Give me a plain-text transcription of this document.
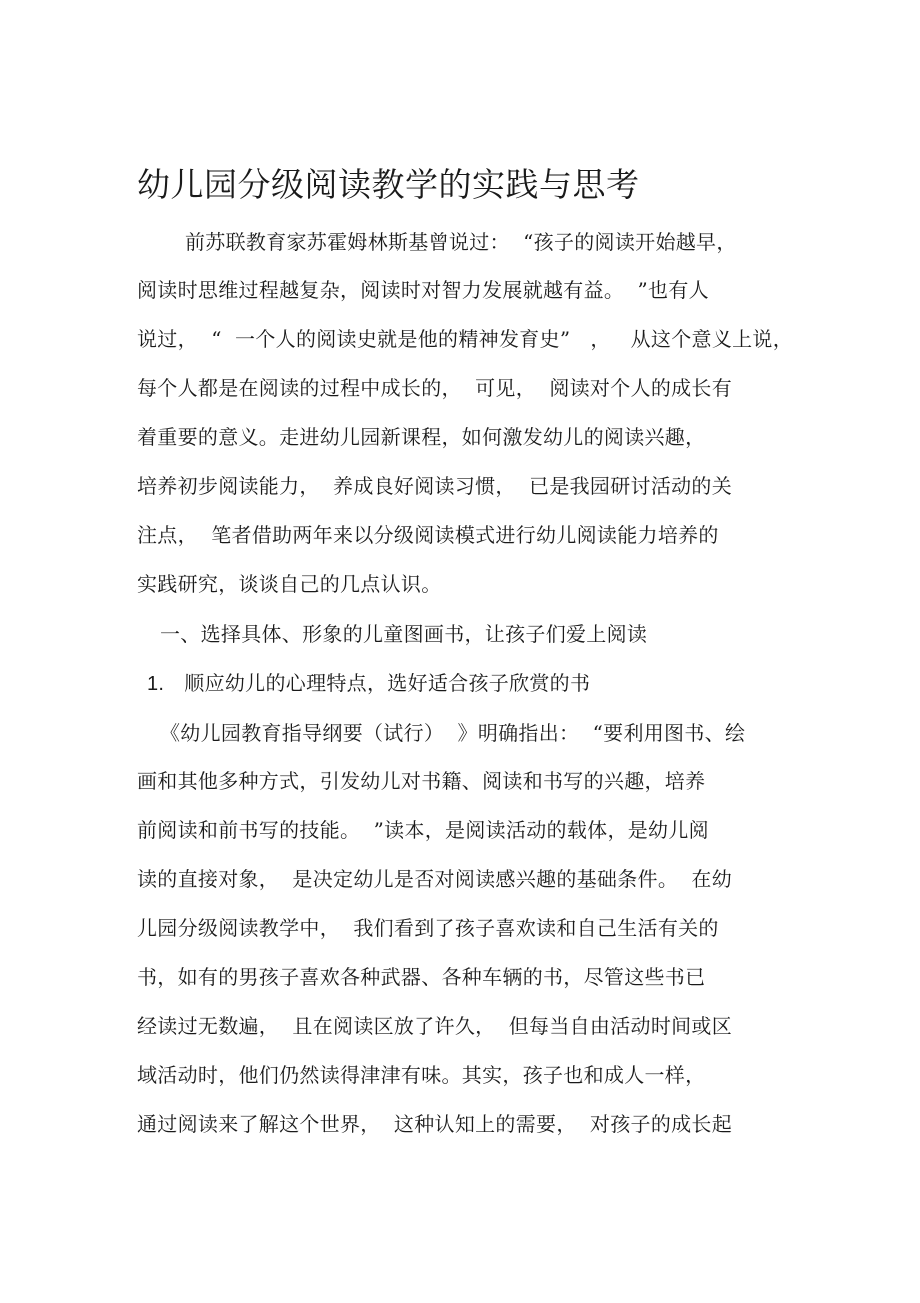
幼儿园分级阅读教学的实践与思考
前苏联教育家苏霍姆林斯基曾说过：  “孩子的阅读开始越早，
阅读时思维过程越复杂，阅读时对智力发展就越有益。  ”也有人
说过，  “  一个人的阅读史就是他的精神发育史”   ，   从这个意义上说，
每个人都是在阅读的过程中成长的，  可见，  阅读对个人的成长有
着重要的意义。走进幼儿园新课程，如何激发幼儿的阅读兴趣，
培养初步阅读能力，  养成良好阅读习惯，  已是我园研讨活动的关
注点，  笔者借助两年来以分级阅读模式进行幼儿阅读能力培养的
实践研究，谈谈自己的几点认识。
一、选择具体、形象的儿童图画书，让孩子们爱上阅读
1. 顺应幼儿的心理特点，选好适合孩子欣赏的书
《幼儿园教育指导纲要（试行）  》明确指出：  “要利用图书、绘
画和其他多种方式，引发幼儿对书籍、阅读和书写的兴趣，培养
前阅读和前书写的技能。  ”读本，是阅读活动的载体，是幼儿阅
读的直接对象，  是决定幼儿是否对阅读感兴趣的基础条件。  在幼
儿园分级阅读教学中，  我们看到了孩子喜欢读和自己生活有关的
书，如有的男孩子喜欢各种武器、各种车辆的书，尽管这些书已
经读过无数遍，  且在阅读区放了许久，  但每当自由活动时间或区
域活动时，他们仍然读得津津有味。其实，孩子也和成人一样，
通过阅读来了解这个世界，  这种认知上的需要，  对孩子的成长起
